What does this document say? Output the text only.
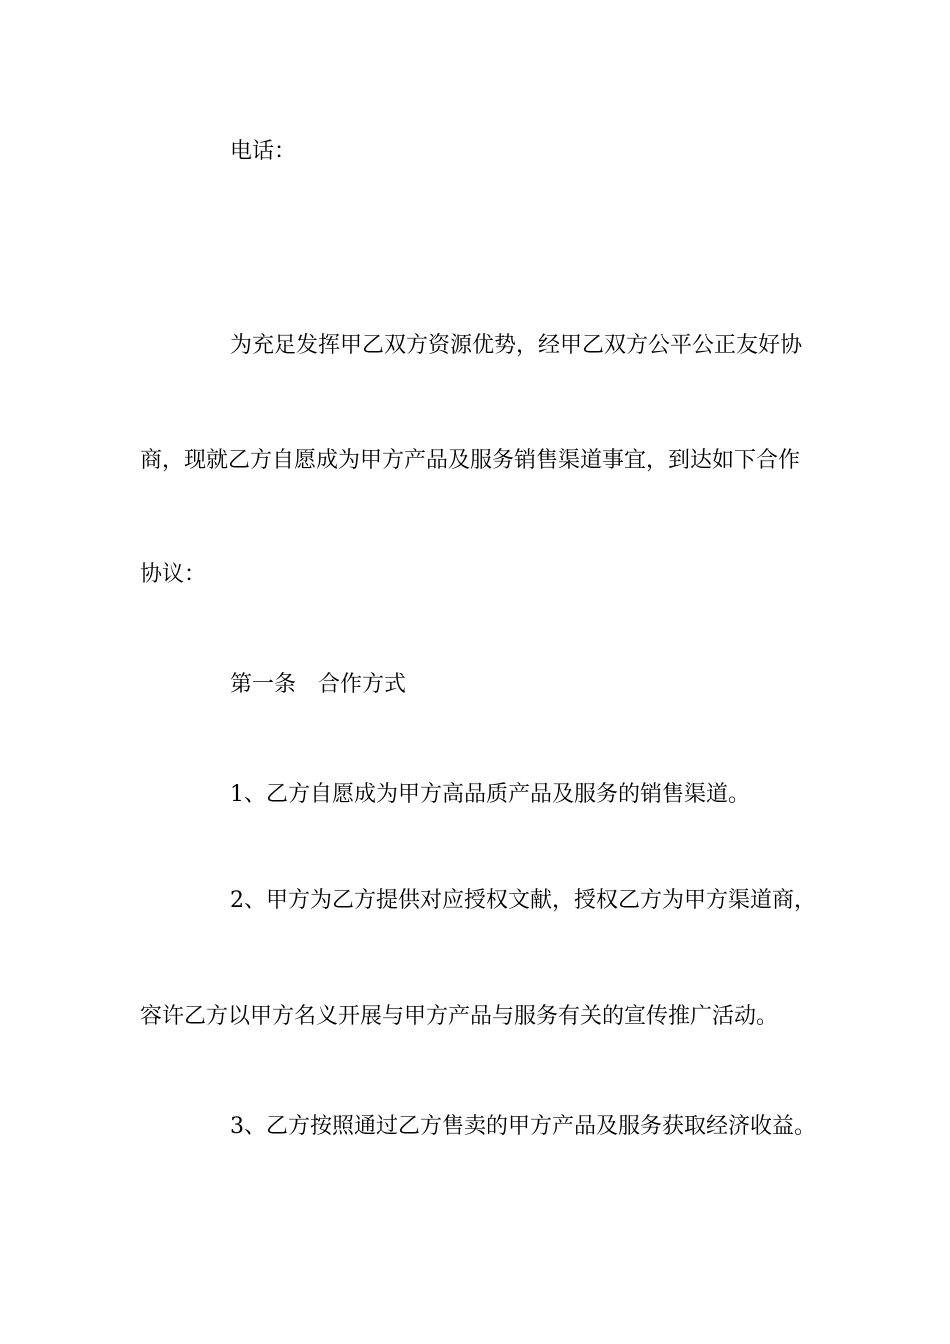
电话：
为充足发挥甲乙双方资源优势，经甲乙双方公平公正友好协
商，现就乙方自愿成为甲方产品及服务销售渠道事宜，到达如下合作
协议：
第一条 合作方式
1、乙方自愿成为甲方高品质产品及服务的销售渠道。
2、甲方为乙方提供对应授权文献，授权乙方为甲方渠道商，
容许乙方以甲方名义开展与甲方产品与服务有关的宣传推广活动。
3、乙方按照通过乙方售卖的甲方产品及服务获取经济收益。
